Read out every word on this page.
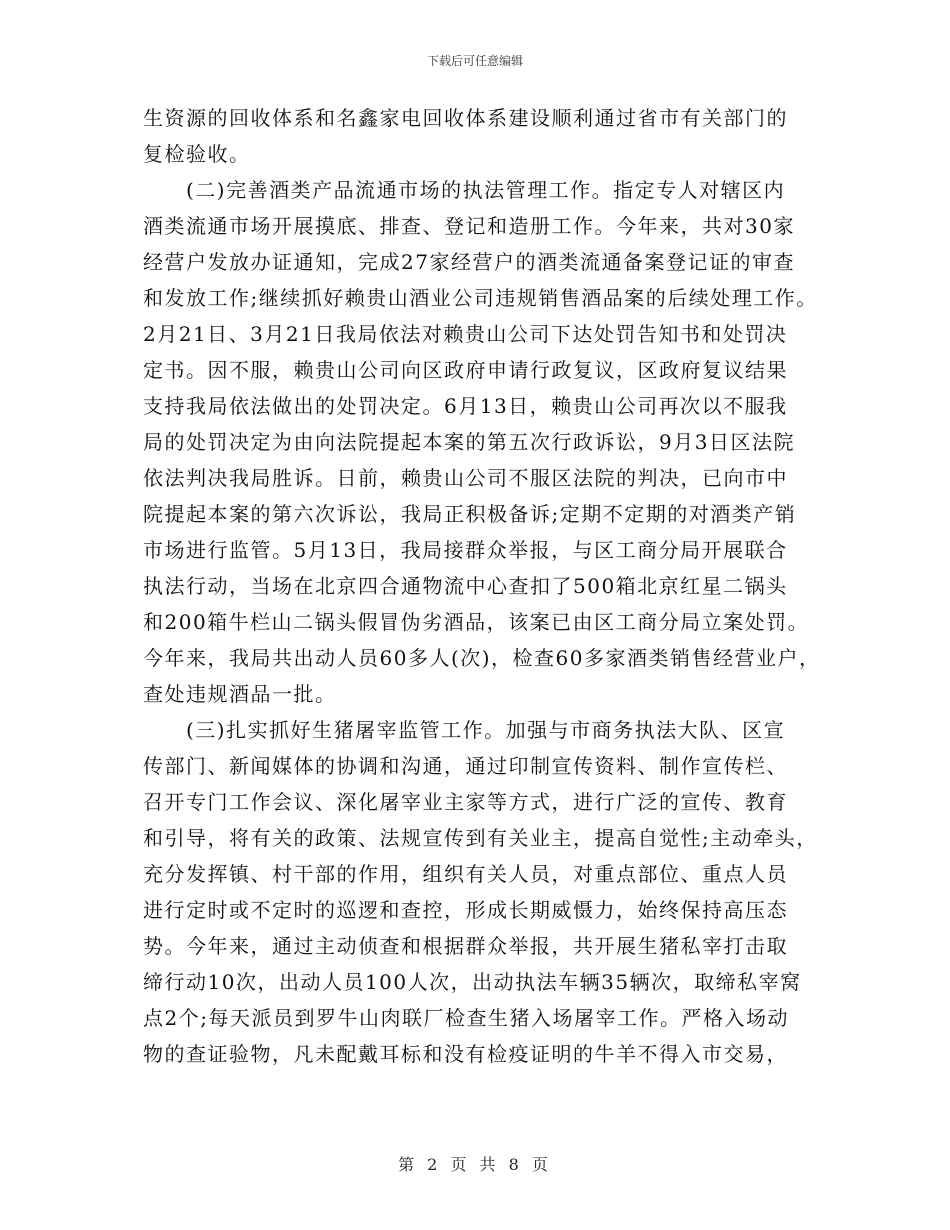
下载后可任意编辑
生资源的回收体系和名鑫家电回收体系建设顺利通过省市有关部门的
复检验收。
　　(二)完善酒类产品流通市场的执法管理工作。指定专人对辖区内
酒类流通市场开展摸底、排查、登记和造册工作。今年来，共对30家
经营户发放办证通知，完成27家经营户的酒类流通备案登记证的审查
和发放工作;继续抓好赖贵山酒业公司违规销售酒品案的后续处理工作。
2月21日、3月21日我局依法对赖贵山公司下达处罚告知书和处罚决
定书。因不服，赖贵山公司向区政府申请行政复议，区政府复议结果
支持我局依法做出的处罚决定。6月13日，赖贵山公司再次以不服我
局的处罚决定为由向法院提起本案的第五次行政诉讼，9月3日区法院
依法判决我局胜诉。日前，赖贵山公司不服区法院的判决，已向市中
院提起本案的第六次诉讼，我局正积极备诉;定期不定期的对酒类产销
市场进行监管。5月13日，我局接群众举报，与区工商分局开展联合
执法行动，当场在北京四合通物流中心查扣了500箱北京红星二锅头
和200箱牛栏山二锅头假冒伪劣酒品，该案已由区工商分局立案处罚。
今年来，我局共出动人员60多人(次)，检查60多家酒类销售经营业户，
查处违规酒品一批。
　　(三)扎实抓好生猪屠宰监管工作。加强与市商务执法大队、区宣
传部门、新闻媒体的协调和沟通，通过印制宣传资料、制作宣传栏、
召开专门工作会议、深化屠宰业主家等方式，进行广泛的宣传、教育
和引导，将有关的政策、法规宣传到有关业主，提高自觉性;主动牵头，
充分发挥镇、村干部的作用，组织有关人员，对重点部位、重点人员
进行定时或不定时的巡逻和查控，形成长期威慑力，始终保持高压态
势。今年来，通过主动侦查和根据群众举报，共开展生猪私宰打击取
缔行动10次，出动人员100人次，出动执法车辆35辆次，取缔私宰窝
点2个;每天派员到罗牛山肉联厂检查生猪入场屠宰工作。严格入场动
物的查证验物，凡未配戴耳标和没有检疫证明的牛羊不得入市交易，
第 2 页 共 8 页
